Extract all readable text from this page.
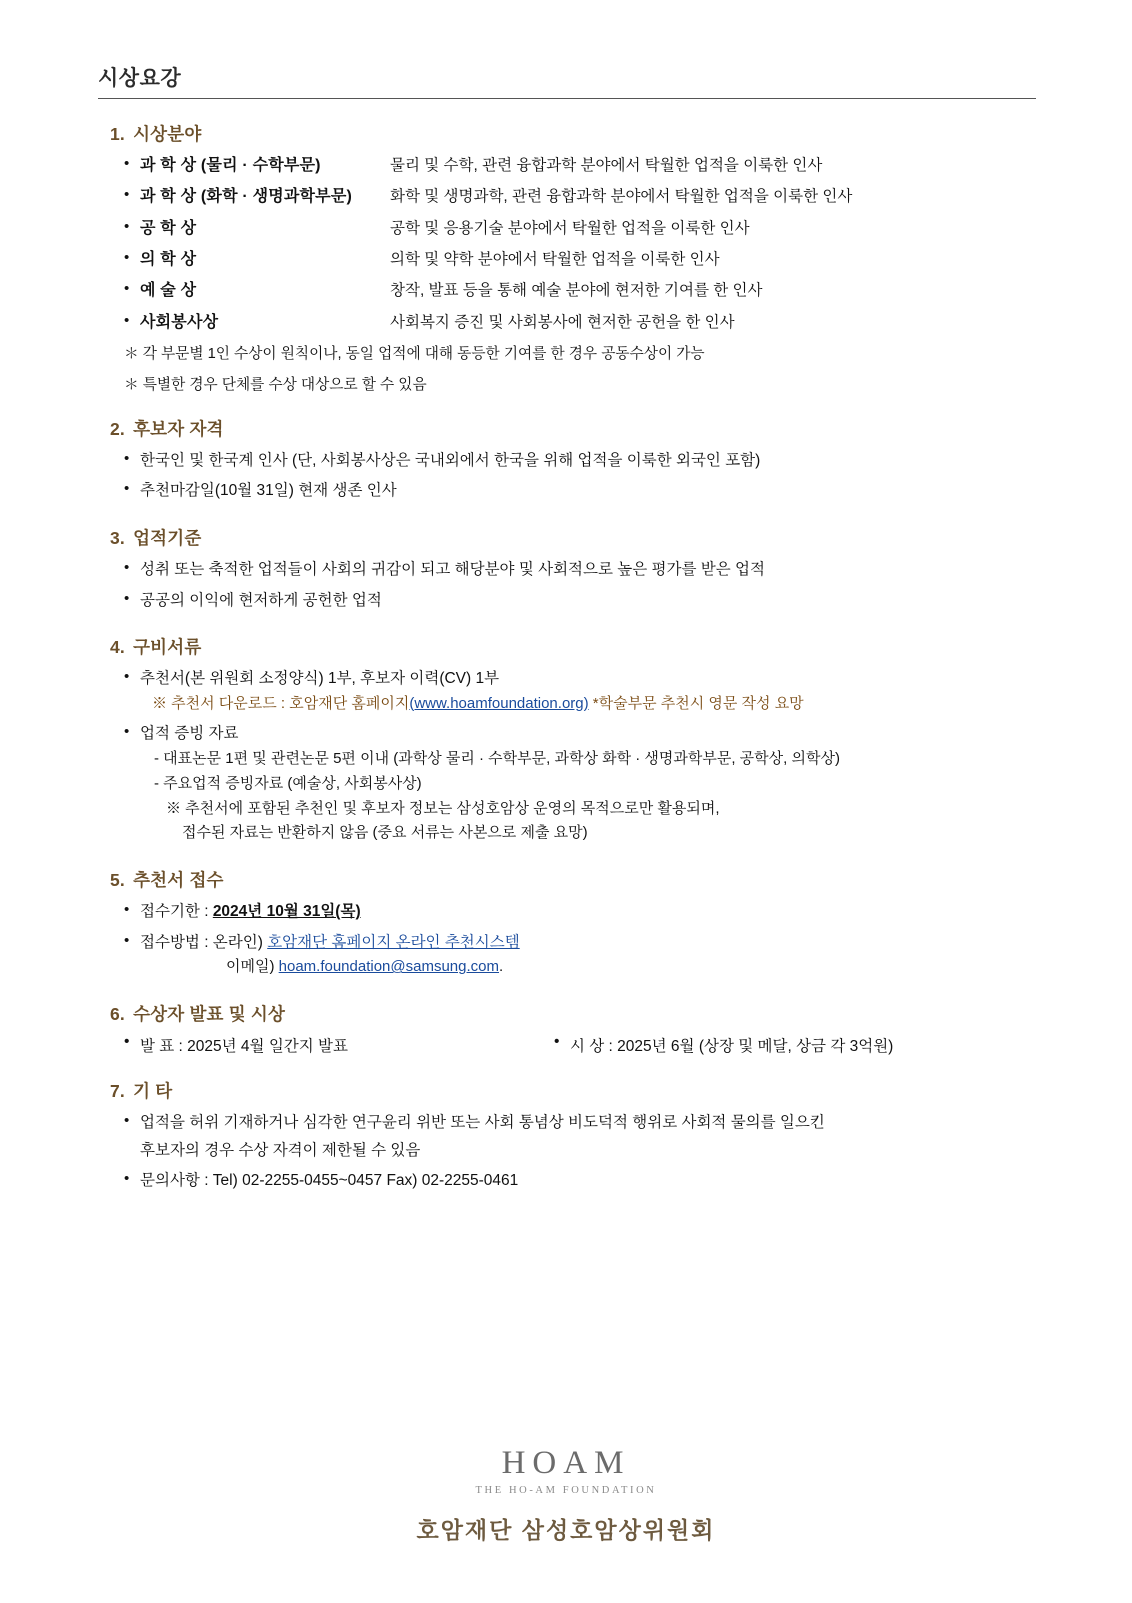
시상요강
1. 시상분야
• 과 학 상 (물리 · 수학부문)	물리 및 수학, 관련 융합과학 분야에서 탁월한 업적을 이룩한 인사
• 과 학 상 (화학 · 생명과학부문)	화학 및 생명과학, 관련 융합과학 분야에서 탁월한 업적을 이룩한 인사
• 공 학 상	공학 및 응용기술 분야에서 탁월한 업적을 이룩한 인사
• 의 학 상	의학 및 약학 분야에서 탁월한 업적을 이룩한 인사
• 예 술 상	창작, 발표 등을 통해 예술 분야에 현저한 기여를 한 인사
• 사회봉사상	사회복지 증진 및 사회봉사에 현저한 공헌을 한 인사
＊ 각 부문별 1인 수상이 원칙이나, 동일 업적에 대해 동등한 기여를 한 경우 공동수상이 가능
＊ 특별한 경우 단체를 수상 대상으로 할 수 있음
2. 후보자 자격
• 한국인 및 한국계 인사 (단, 사회봉사상은 국내외에서 한국을 위해 업적을 이룩한 외국인 포함)
• 추천마감일(10월 31일) 현재 생존 인사
3. 업적기준
• 성취 또는 축적한 업적들이 사회의 귀감이 되고 해당분야 및 사회적으로 높은 평가를 받은 업적
• 공공의 이익에 현저하게 공헌한 업적
4. 구비서류
• 추천서(본 위원회 소정양식) 1부, 후보자 이력(CV) 1부
※ 추천서 다운로드 : 호암재단 홈페이지(www.hoamfoundation.org) *학술부문 추천시 영문 작성 요망
• 업적 증빙 자료
- 대표논문 1편 및 관련논문 5편 이내 (과학상 물리 · 수학부문, 과학상 화학 · 생명과학부문, 공학상, 의학상)
- 주요업적 증빙자료 (예술상, 사회봉사상)
※ 추천서에 포함된 추천인 및 후보자 정보는 삼성호암상 운영의 목적으로만 활용되며,
접수된 자료는 반환하지 않음 (중요 서류는 사본으로 제출 요망)
5. 추천서 접수
• 접수기한 : 2024년 10월 31일(목)
• 접수방법 : 온라인) 호암재단 홈페이지 온라인 추천시스템
이메일) hoam.foundation@samsung.com.
6. 수상자 발표 및 시상
• 발 표 : 2025년 4월 일간지 발표	• 시 상 : 2025년 6월 (상장 및 메달, 상금 각 3억원)
7. 기 타
• 업적을 허위 기재하거나 심각한 연구윤리 위반 또는 사회 통념상 비도덕적 행위로 사회적 물의를 일으킨
후보자의 경우 수상 자격이 제한될 수 있음
• 문의사항 : Tel) 02-2255-0455~0457 Fax) 02-2255-0461
HOAM
THE HO-AM FOUNDATION
호암재단 삼성호암상위원회
